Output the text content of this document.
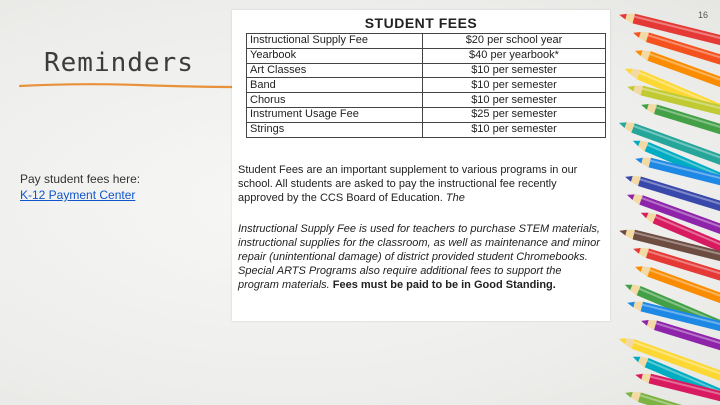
16
Reminders
Pay student fees here:
K-12 Payment Center
STUDENT FEES
Instructional Supply Fee	$20 per school year
Yearbook	$40 per yearbook*
Art Classes	$10 per semester
Band	$10 per semester
Chorus	$10 per semester
Instrument Usage Fee	$25 per semester
Strings	$10 per semester
Student Fees are an important supplement to various programs in our school. All students are asked to pay the instructional fee recently approved by the CCS Board of Education. The
Instructional Supply Fee is used for teachers to purchase STEM materials, instructional supplies for the classroom, as well as maintenance and minor repair (unintentional damage) of district provided student Chromebooks. Special ARTS Programs also require additional fees to support the program materials. Fees must be paid to be in Good Standing.
